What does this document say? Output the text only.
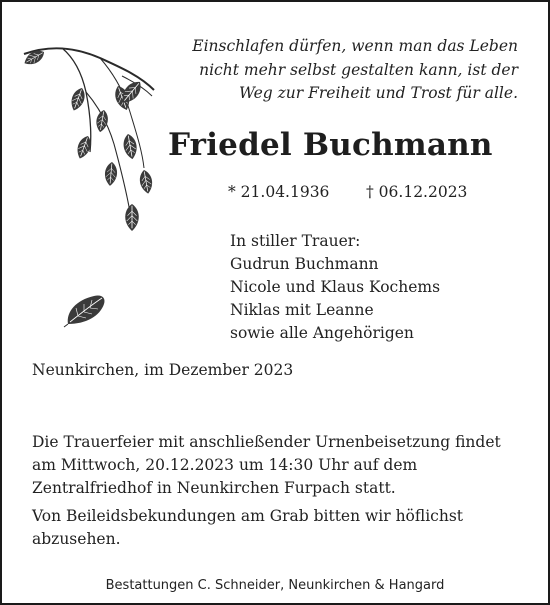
Einschlafen dürfen, wenn man das Leben
nicht mehr selbst gestalten kann, ist der
Weg zur Freiheit und Trost für alle.
Friedel Buchmann
* 21.04.1936 † 06.12.2023
In stiller Trauer:
Gudrun Buchmann
Nicole und Klaus Kochems
Niklas mit Leanne
sowie alle Angehörigen
Neunkirchen, im Dezember 2023
Die Trauerfeier mit anschließender Urnenbeisetzung findet
am Mittwoch, 20.12.2023 um 14:30 Uhr auf dem
Zentralfriedhof in Neunkirchen Furpach statt.
Von Beileidsbekundungen am Grab bitten wir höflichst
abzusehen.
Bestattungen C. Schneider, Neunkirchen & Hangard
